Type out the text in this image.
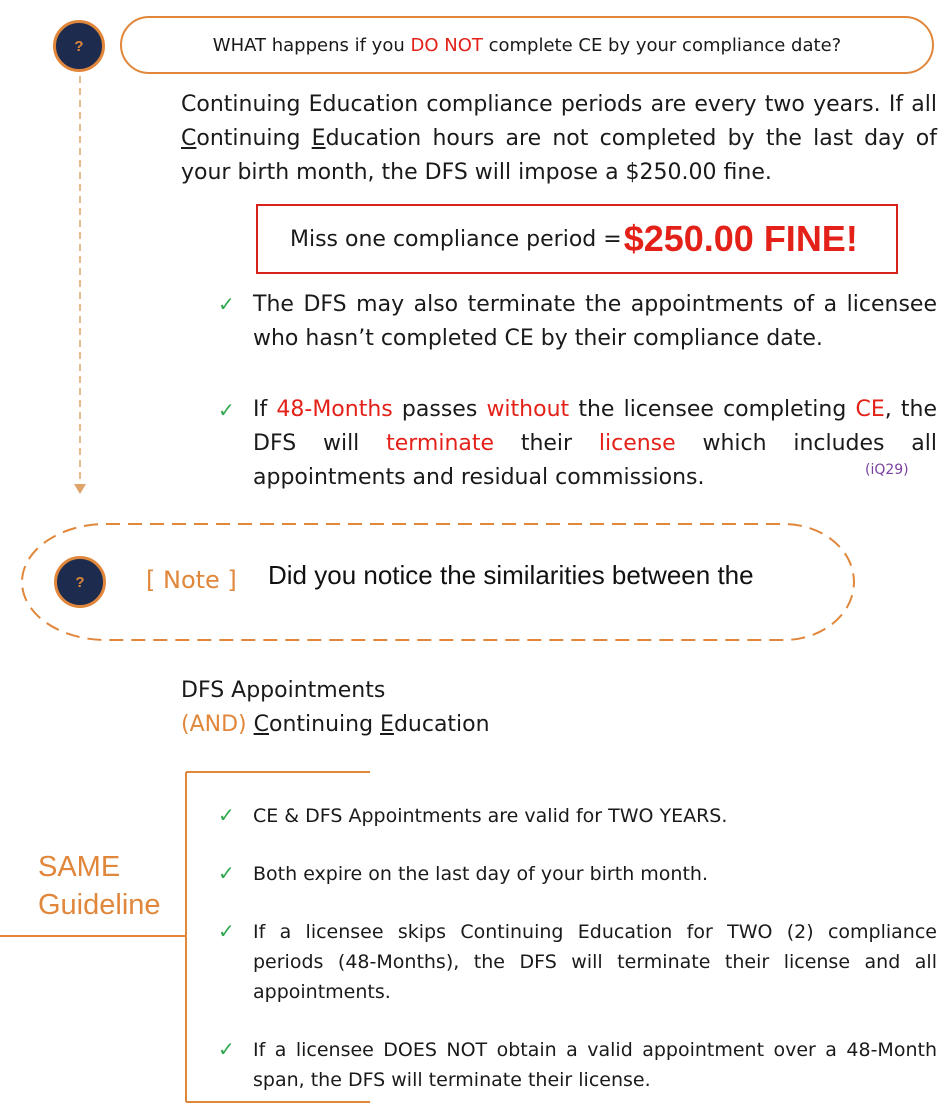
?	WHAT happens if you DO NOT complete CE by your compliance date?
Continuing Education compliance periods are every two years. If all Continuing Education hours are not completed by the last day of your birth month, the DFS will impose a $250.00 fine.
Miss one compliance period = $250.00 FINE!
✓ The DFS may also terminate the appointments of a licensee who hasn’t completed CE by their compliance date.
✓ If 48-Months passes without the licensee completing CE, the DFS will terminate their license which includes all appointments and residual commissions.	(iQ29)
?	[ Note ] Did you notice the similarities between the
DFS Appointments
(AND) Continuing Education
SAME
Guideline
✓ CE & DFS Appointments are valid for TWO YEARS.
✓ Both expire on the last day of your birth month.
✓ If a licensee skips Continuing Education for TWO (2) compliance periods (48-Months), the DFS will terminate their license and all appointments.
✓ If a licensee DOES NOT obtain a valid appointment over a 48-Month span, the DFS will terminate their license.
